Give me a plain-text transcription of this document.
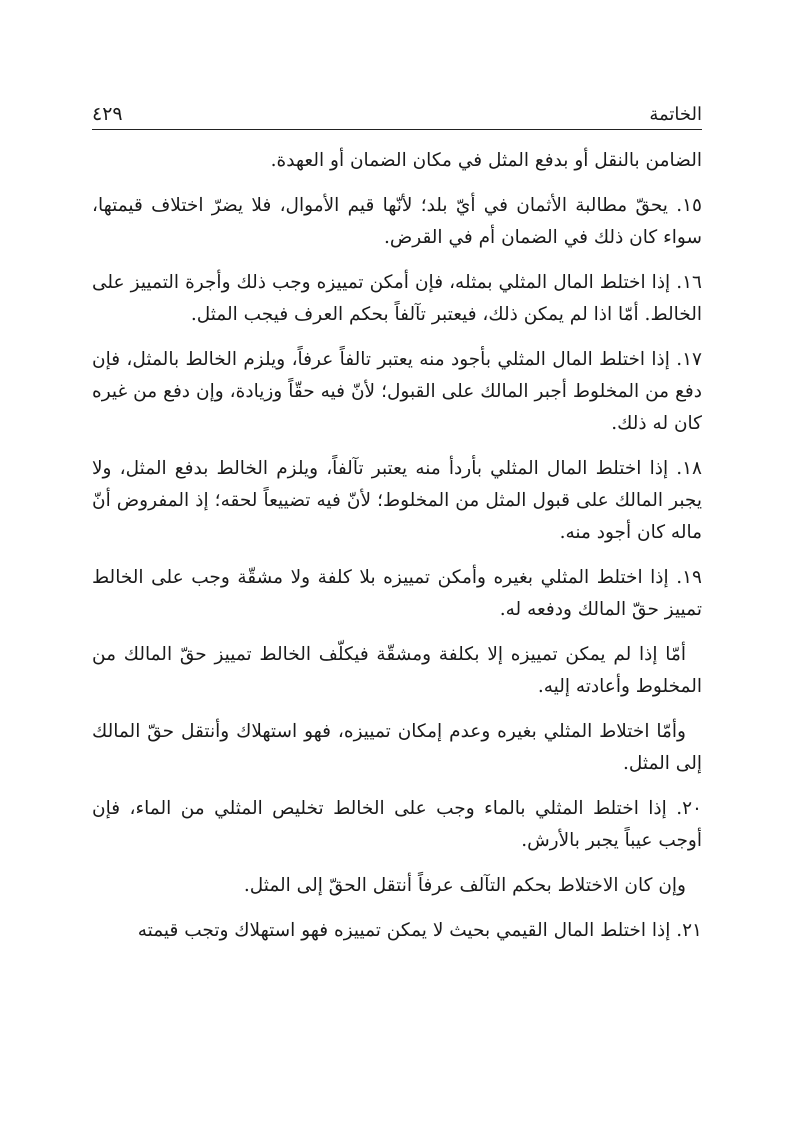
الخاتمة
٤٢٩

الضامن بالنقل أو بدفع المثل في مكان الضمان أو العهدة.

١٥. يحقّ مطالبة الأثمان في أيّ بلد؛ لأنّها قيم الأموال، فلا يضرّ اختلاف قيمتها، سواء كان ذلك في الضمان أم في القرض.

١٦. إذا اختلط المال المثلي بمثله، فإن أمكن تمييزه وجب ذلك وأجرة التمييز على الخالط. أمّا اذا لم يمكن ذلك، فيعتبر تآلفاً بحكم العرف فيجب المثل.

١٧. إذا اختلط المال المثلي بأجود منه يعتبر تالفاً عرفاً، ويلزم الخالط بالمثل، فإن دفع من المخلوط أجبر المالك على القبول؛ لأنّ فيه حقّاً وزيادة، وإن دفع من غيره كان له ذلك.

١٨. إذا اختلط المال المثلي بأردأ منه يعتبر تآلفاً، ويلزم الخالط بدفع المثل، ولا يجبر المالك على قبول المثل من المخلوط؛ لأنّ فيه تضييعاً لحقه؛ إذ المفروض أنّ ماله كان أجود منه.

١٩. إذا اختلط المثلي بغيره وأمكن تمييزه بلا كلفة ولا مشقّة وجب على الخالط تمييز حقّ المالك ودفعه له.

أمّا إذا لم يمكن تمييزه إلا بكلفة ومشقّة فيكلّف الخالط تمييز حقّ المالك من المخلوط وأعادته إليه.

وأمّا اختلاط المثلي بغيره وعدم إمكان تمييزه، فهو استهلاك وأنتقل حقّ المالك إلى المثل.

٢٠. إذا اختلط المثلي بالماء وجب على الخالط تخليص المثلي من الماء، فإن أوجب عيباً يجبر بالأرش.

وإن كان الاختلاط بحكم التآلف عرفاً أنتقل الحقّ إلى المثل.

٢١. إذا اختلط المال القيمي بحيث لا يمكن تمييزه فهو استهلاك وتجب قيمته
